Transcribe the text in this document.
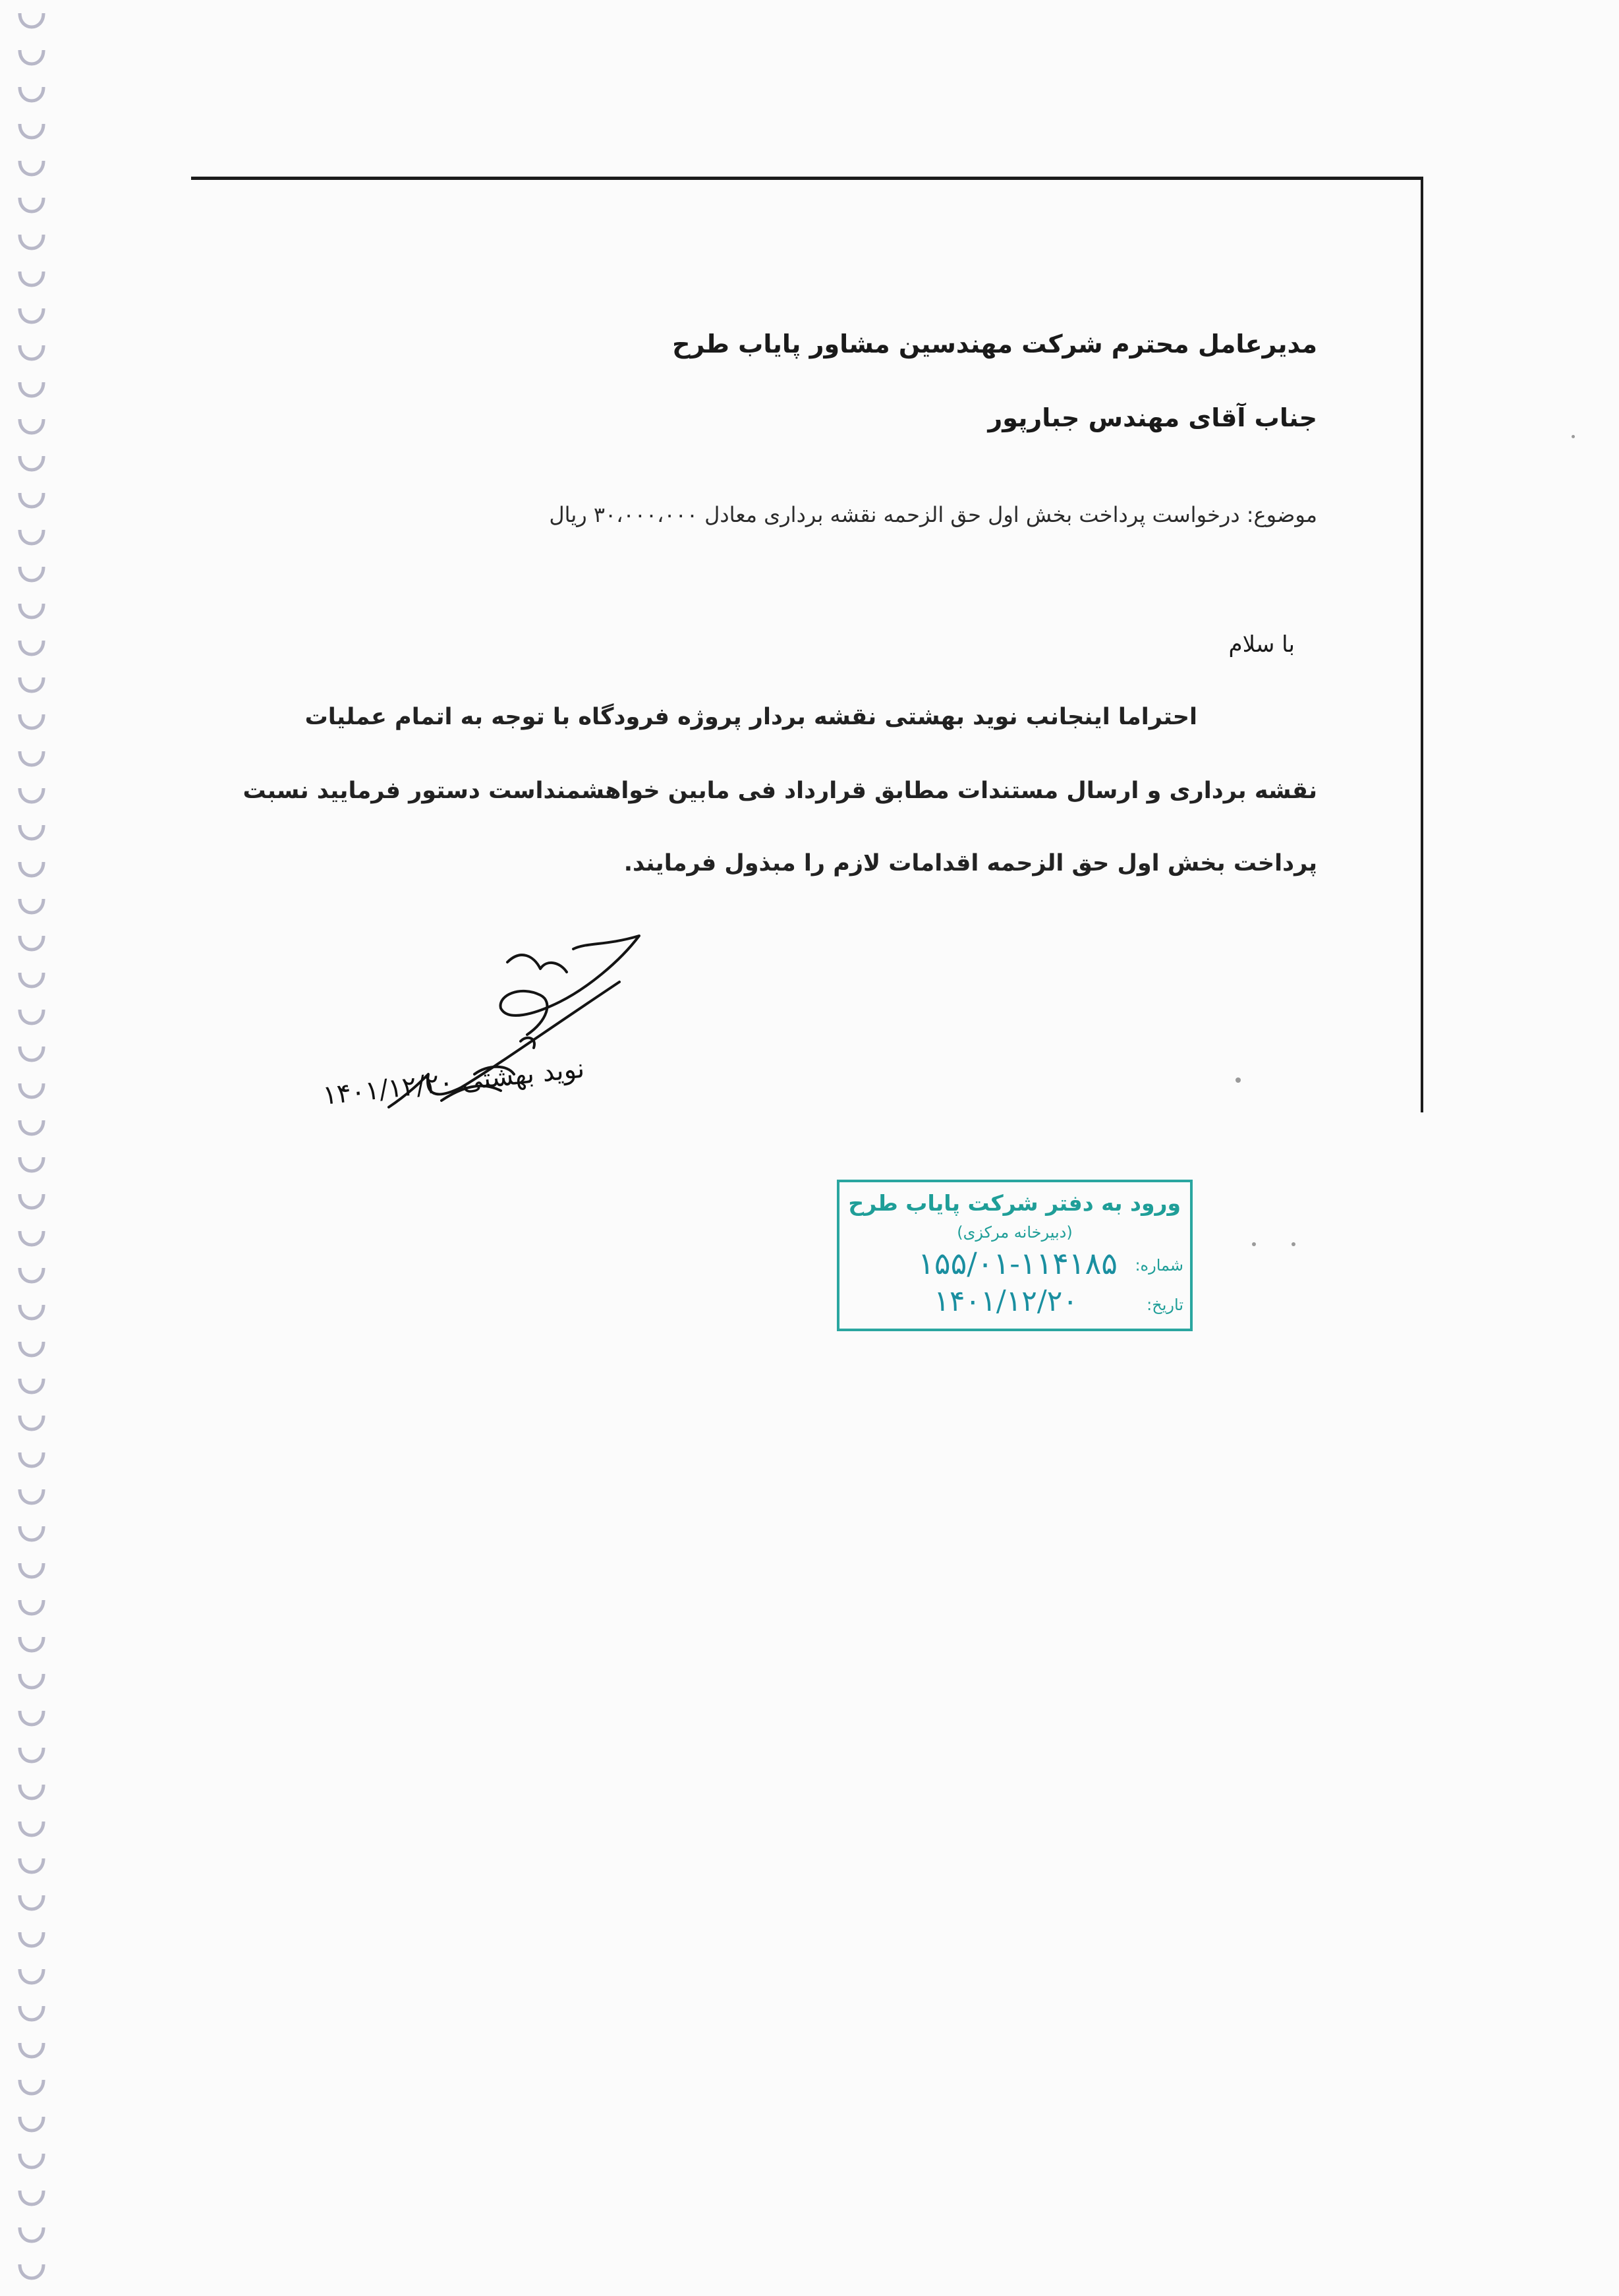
مدیرعامل محترم شرکت مهندسین مشاور پایاب طرح
جناب آقای مهندس جبارپور
موضوع: درخواست پرداخت بخش اول حق الزحمه نقشه برداری معادل ۳۰،۰۰۰،۰۰۰ ریال
با سلام
احتراما اینجانب نوید بهشتی نقشه بردار پروژه فرودگاه با توجه به اتمام عملیات
نقشه برداری و ارسال مستندات مطابق قرارداد فی مابین خواهشمنداست دستور فرمایید نسبت
پرداخت بخش اول حق الزحمه اقدامات لازم را مبذول فرمایند.
نوید بهشتی ۱۴۰۱/۱۲/۲۰
ورود به دفتر شرکت پایاب طرح
(دبیرخانه مرکزی)
شماره:
۱۵۵/۰۱-۱۱۴۱۸۵
تاریخ:
۱۴۰۱/۱۲/۲۰
